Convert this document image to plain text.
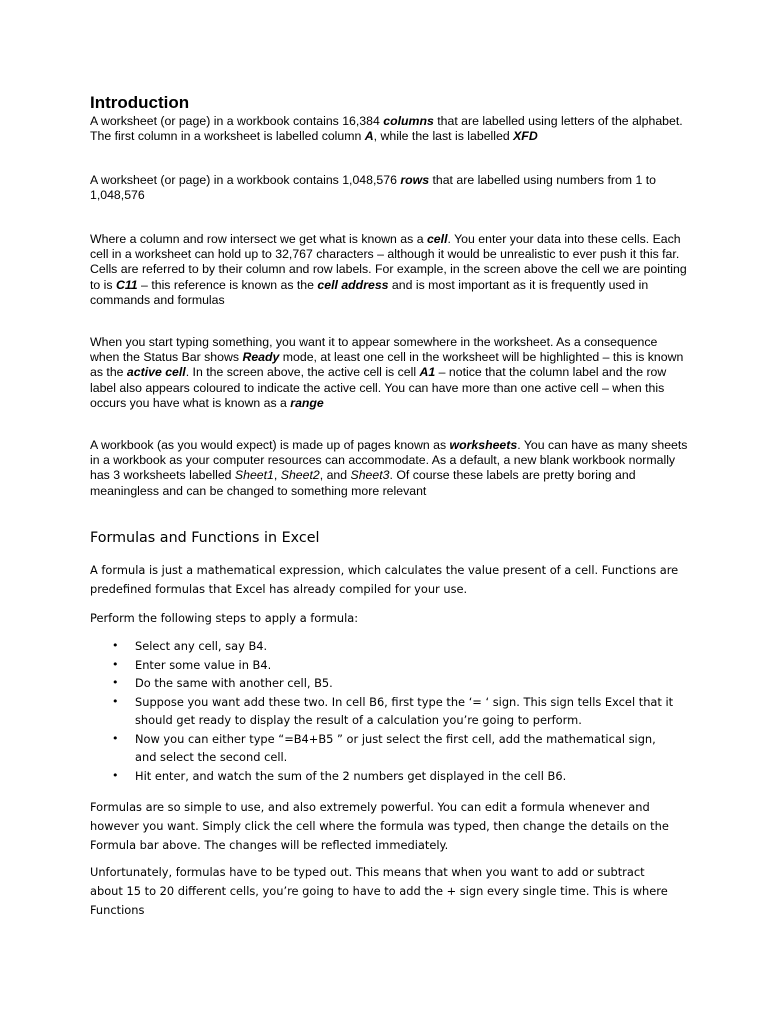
Introduction

A worksheet (or page) in a workbook contains 16,384 columns that are labelled using letters of the alphabet. The first column in a worksheet is labelled column A, while the last is labelled XFD

A worksheet (or page) in a workbook contains 1,048,576 rows that are labelled using numbers from 1 to 1,048,576

Where a column and row intersect we get what is known as a cell. You enter your data into these cells. Each cell in a worksheet can hold up to 32,767 characters – although it would be unrealistic to ever push it this far. Cells are referred to by their column and row labels. For example, in the screen above the cell we are pointing to is C11 – this reference is known as the cell address and is most important as it is frequently used in commands and formulas

When you start typing something, you want it to appear somewhere in the worksheet. As a consequence when the Status Bar shows Ready mode, at least one cell in the worksheet will be highlighted – this is known as the active cell. In the screen above, the active cell is cell A1 – notice that the column label and the row label also appears coloured to indicate the active cell. You can have more than one active cell – when this occurs you have what is known as a range

A workbook (as you would expect) is made up of pages known as worksheets. You can have as many sheets in a workbook as your computer resources can accommodate. As a default, a new blank workbook normally has 3 worksheets labelled Sheet1, Sheet2, and Sheet3. Of course these labels are pretty boring and meaningless and can be changed to something more relevant

Formulas and Functions in Excel

A formula is just a mathematical expression, which calculates the value present of a cell. Functions are predefined formulas that Excel has already compiled for your use.

Perform the following steps to apply a formula:

• Select any cell, say B4.
• Enter some value in B4.
• Do the same with another cell, B5.
• Suppose you want add these two. In cell B6, first type the ‘= ‘ sign. This sign tells Excel that it should get ready to display the result of a calculation you’re going to perform.
• Now you can either type “=B4+B5 ” or just select the first cell, add the mathematical sign, and select the second cell.
• Hit enter, and watch the sum of the 2 numbers get displayed in the cell B6.

Formulas are so simple to use, and also extremely powerful. You can edit a formula whenever and however you want. Simply click the cell where the formula was typed, then change the details on the Formula bar above. The changes will be reflected immediately.

Unfortunately, formulas have to be typed out. This means that when you want to add or subtract about 15 to 20 different cells, you’re going to have to add the + sign every single time. This is where Functions
